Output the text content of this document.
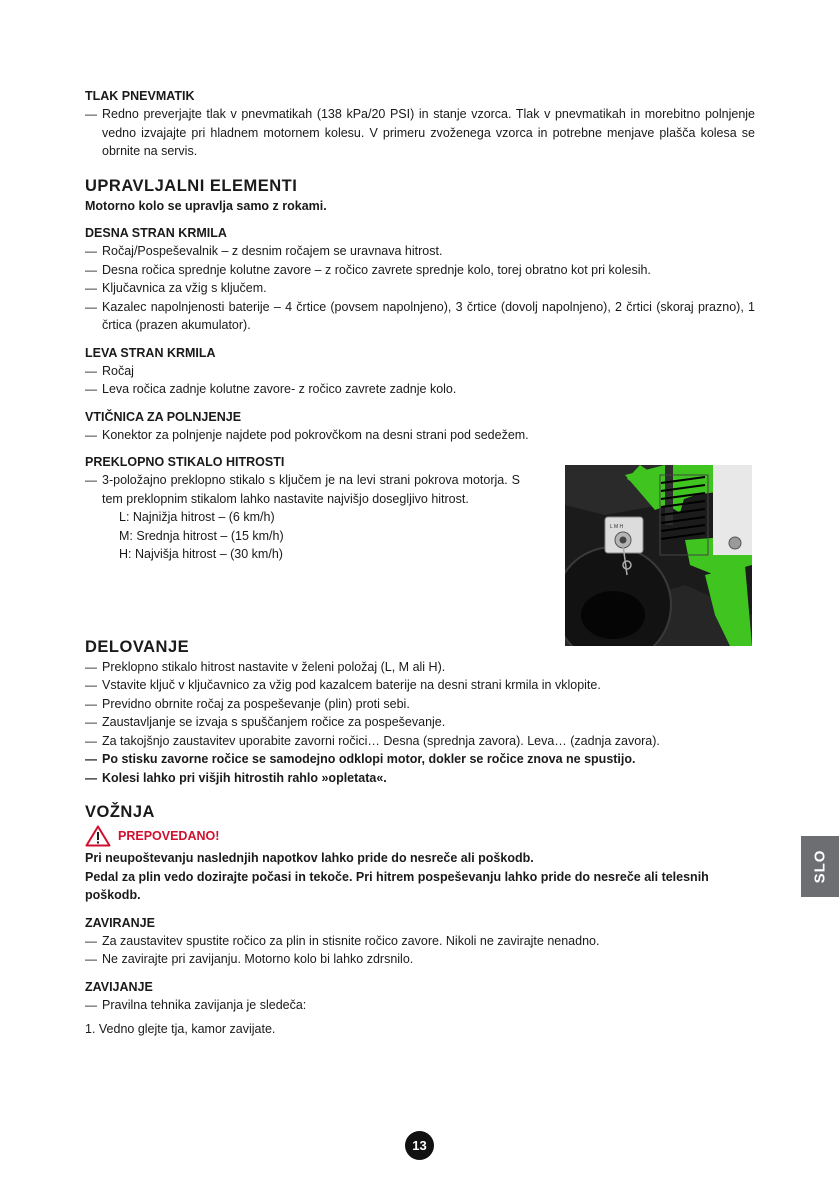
TLAK PNEVMATIK
— Redno preverjajte tlak v pnevmatikah (138 kPa/20 PSI) in stanje vzorca. Tlak v pnevmatikah in morebitno polnjenje vedno izvajajte pri hladnem motornem kolesu. V primeru zvoženega vzorca in potrebne menjave plašča kolesa se obrnite na servis.
UPRAVLJALNI ELEMENTI

Motorno kolo se upravlja samo z rokami.

DESNA STRAN KRMILA
— Ročaj/Pospeševalnik – z desnim ročajem se uravnava hitrost.
— Desna ročica sprednje kolutne zavore – z ročico zavrete sprednje kolo, torej obratno kot pri kolesih.
— Ključavnica za vžig s ključem.
— Kazalec napolnjenosti baterije – 4 črtice (povsem napolnjeno), 3 črtice (dovolj napolnjeno), 2 črtici (skoraj prazno), 1 črtica (prazen akumulator).
LEVA STRAN KRMILA
— Ročaj
— Leva ročica zadnje kolutne zavore- z ročico zavrete zadnje kolo.
VTIČNICA ZA POLNJENJE
— Konektor za polnjenje najdete pod pokrovčkom na desni strani pod sedežem.
PREKLOPNO STIKALO HITROSTI
— 3-položajno preklopno stikalo s ključem je na levi strani pokrova motorja. S tem preklopnim stikalom lahko nastavite najvišjo dosegljivo hitrost.
L: Najnižja hitrost – (6 km/h)
M: Srednja hitrost – (15 km/h)
H: Najvišja hitrost – (30 km/h)
DELOVANJE
— Preklopno stikalo hitrost nastavite v želeni položaj (L, M ali H).
— Vstavite ključ v ključavnico za vžig pod kazalcem baterije na desni strani krmila in vklopite.
— Previdno obrnite ročaj za pospeševanje (plin) proti sebi.
— Zaustavljanje se izvaja s spuščanjem ročice za pospeševanje.
— Za takojšnjo zaustavitev uporabite zavorni ročici… Desna (sprednja zavora). Leva… (zadnja zavora).
— Po stisku zavorne ročice se samodejno odklopi motor, dokler se ročice znova ne spustijo.
— Kolesi lahko pri višjih hitrostih rahlo »opletata«.
VOŽNJA
PREPOVEDANO!

Pri neupoštevanju naslednjih napotkov lahko pride do nesreče ali poškodb.

Pedal za plin vedo dozirajte počasi in tekoče. Pri hitrem pospeševanju lahko pride do nesreče ali telesnih poškodb.

ZAVIRANJE
— Za zaustavitev spustite ročico za plin in stisnite ročico zavore. Nikoli ne zavirajte nenadno.
— Ne zavirajte pri zavijanju. Motorno kolo bi lahko zdrsnilo.
ZAVIJANJE
— Pravilna tehnika zavijanja je sledeča:

1. Vedno glejte tja, kamor zavijate.

L M H
SLO
13
